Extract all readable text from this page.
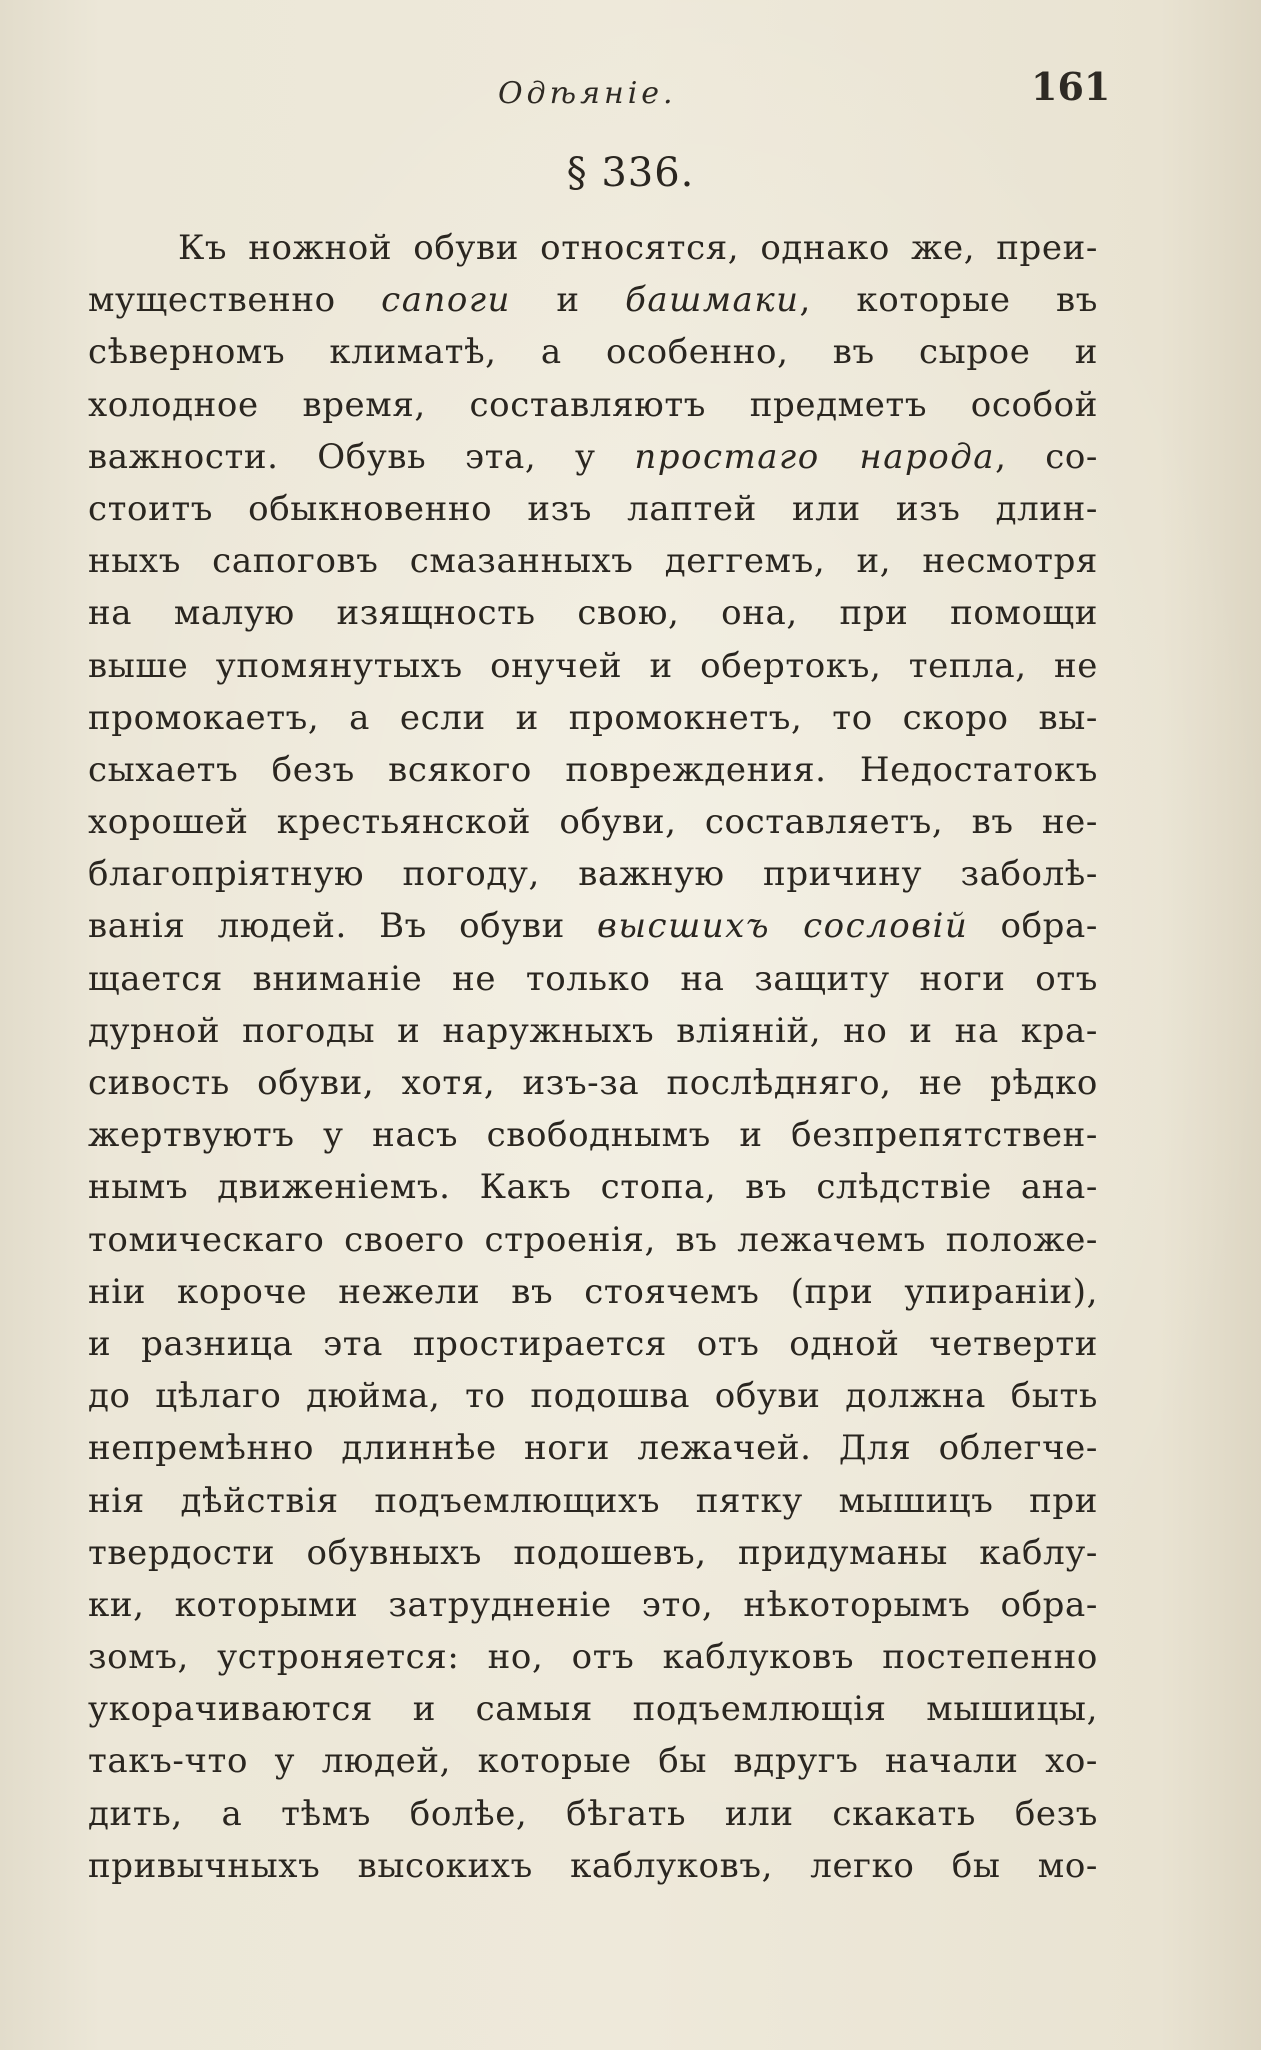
Одѣяніе.	161
§ 336.
Къ ножной обуви относятся, однако же, преи-
мущественно сапоги и башмаки, которые въ
сѣверномъ климатѣ, а особенно, въ сырое и
холодное время, составляютъ предметъ особой
важности. Обувь эта, у простаго народа, со-
стоитъ обыкновенно изъ лаптей или изъ длин-
ныхъ сапоговъ смазанныхъ деггемъ, и, несмотря
на малую изящность свою, она, при помощи
выше упомянутыхъ онучей и обертокъ, тепла, не
промокаетъ, а если и промокнетъ, то скоро вы-
сыхаетъ безъ всякого повреждения. Недостатокъ
хорошей крестьянской обуви, составляетъ, въ не-
благопріятную погоду, важную причину заболѣ-
ванія людей. Въ обуви высшихъ сословій обра-
щается вниманіе не только на защиту ноги отъ
дурной погоды и наружныхъ вліяній, но и на кра-
сивость обуви, хотя, изъ-за послѣдняго, не рѣдко
жертвуютъ у насъ свободнымъ и безпрепятствен-
нымъ движеніемъ. Какъ стопа, въ слѣдствіе ана-
томическаго своего строенія, въ лежачемъ положе-
ніи короче нежели въ стоячемъ (при упираніи),
и разница эта простирается отъ одной четверти
до цѣлаго дюйма, то подошва обуви должна быть
непремѣнно длиннѣе ноги лежачей. Для облегче-
нія дѣйствія подъемлющихъ пятку мышицъ при
твердости обувныхъ подошевъ, придуманы каблу-
ки, которыми затрудненіе это, нѣкоторымъ обра-
зомъ, устроняется: но, отъ каблуковъ постепенно
укорачиваются и самыя подъемлющія мышицы,
такъ-что у людей, которые бы вдругъ начали хо-
дить, а тѣмъ болѣе, бѣгать или скакать безъ
привычныхъ высокихъ каблуковъ, легко бы мо-
